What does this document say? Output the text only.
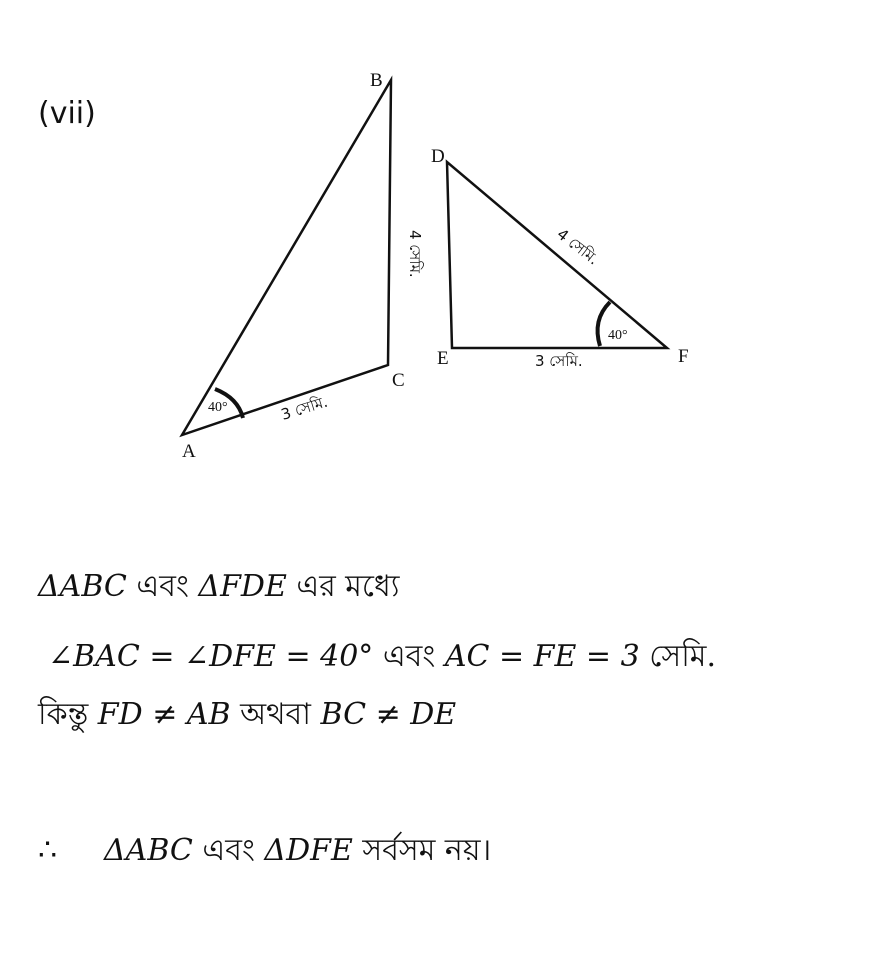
(vii)
40°	3 সেমি.
4 সেমি.
A
B
C
40°
3 সেমি.
4 সেমি.
D
E	F
ΔABC এবং ΔFDE এর মধ্যে
∠BAC = ∠DFE = 40° এবং AC = FE = 3 সেমি.
কিন্তু FD ≠ AB অথবা BC ≠ DE
∴ ΔABC এবং ΔDFE সর্বসম নয়।
